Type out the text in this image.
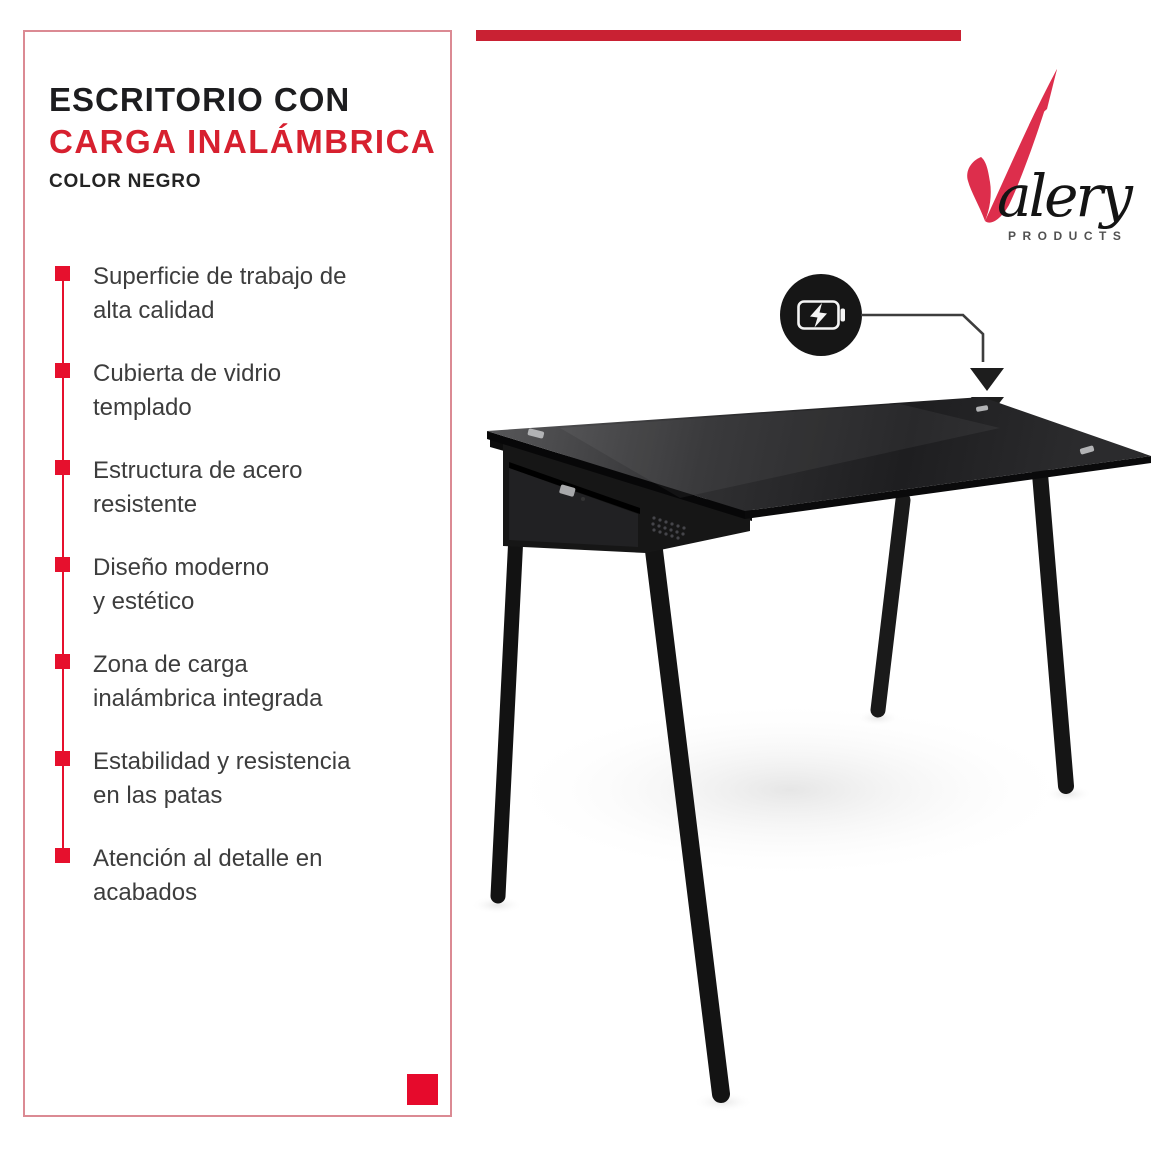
ESCRITORIO CON
CARGA INALÁMBRICA
COLOR NEGRO
Superficie de trabajo de
alta calidad
Cubierta de vidrio
templado
Estructura de acero
resistente
Diseño moderno
y estético
Zona de carga
inalámbrica integrada
Estabilidad y resistencia
en las patas
Atención al detalle en
acabados
alery
PRODUCTS
